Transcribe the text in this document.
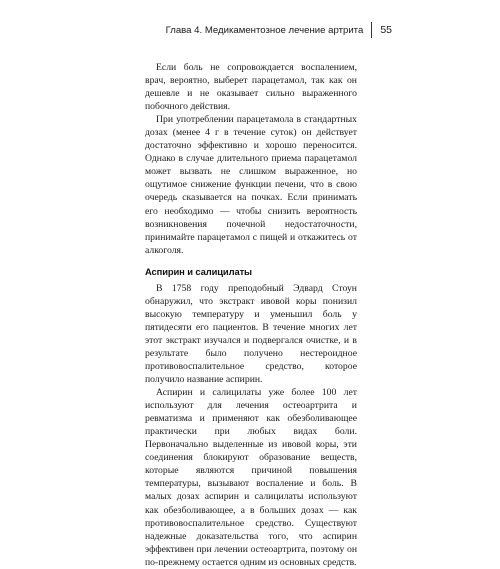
Глава 4. Медикаментозное лечение артрита	55

Если боль не сопровождается воспалением, врач, вероятно, выберет парацетамол, так как он дешевле и не оказывает сильно выраженного побочного действия.

При употреблении парацетамола в стандартных дозах (менее 4 г в течение суток) он действует достаточно эффективно и хорошо переносится. Однако в случае длительного приема парацетамол может вызвать не слишком выраженное, но ощутимое снижение функции печени, что в свою очередь сказывается на почках. Если принимать его необходимо — чтобы снизить вероятность возникновения почечной недостаточности, принимайте парацетамол с пищей и откажитесь от алкоголя.

Аспирин и салицилаты

В 1758 году преподобный Эдвард Стоун обнаружил, что экстракт ивовой коры понизил высокую температуру и уменьшил боль у пятидесяти его пациентов. В течение многих лет этот экстракт изучался и подвергался очистке, и в результате было получено нестероидное противовоспалительное средство, которое получило название аспирин.

Аспирин и салицилаты уже более 100 лет используют для лечения остеоартрита и ревматизма и применяют как обезболивающее практически при любых видах боли. Первоначально выделенные из ивовой коры, эти соединения блокируют образование веществ, которые являются причиной повышения температуры, вызывают воспаление и боль. В малых дозах аспирин и салицилаты используют как обезболивающее, а в больших дозах — как противовоспалительное средство. Существуют надежные доказательства того, что аспирин эффективен при лечении остеоартрита, поэтому он по-прежнему остается одним из основных средств.
